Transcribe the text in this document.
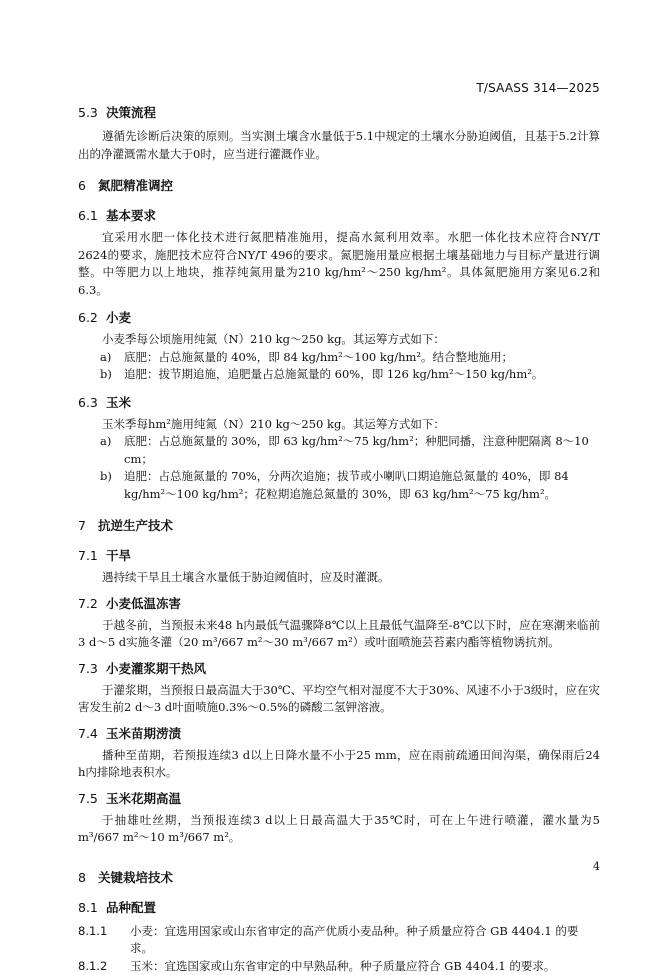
T/SAASS 314—2025
5.3 决策流程
遵循先诊断后决策的原则。当实测土壤含水量低于5.1中规定的土壤水分胁迫阈值，且基于5.2计算出的净灌溉需水量大于0时，应当进行灌溉作业。
6 氮肥精准调控
6.1 基本要求
宜采用水肥一体化技术进行氮肥精准施用，提高水氮利用效率。水肥一体化技术应符合NY/T 2624的要求，施肥技术应符合NY/T 496的要求。氮肥施用量应根据土壤基础地力与目标产量进行调整。中等肥力以上地块，推荐纯氮用量为210 kg/hm²～250 kg/hm²。具体氮肥施用方案见6.2和6.3。
6.2 小麦
小麦季每公顷施用纯氮（N）210 kg～250 kg。其运筹方式如下：
a) 底肥：占总施氮量的 40%，即 84 kg/hm²～100 kg/hm²。结合整地施用；
b) 追肥：拔节期追施，追肥量占总施氮量的 60%，即 126 kg/hm²～150 kg/hm²。
6.3 玉米
玉米季每hm²施用纯氮（N）210 kg～250 kg。其运筹方式如下：
a) 底肥：占总施氮量的 30%，即 63 kg/hm²～75 kg/hm²；种肥同播，注意种肥隔离 8～10 cm；
b) 追肥：占总施氮量的 70%，分两次追施；拔节或小喇叭口期追施总氮量的 40%，即 84 kg/hm²～100 kg/hm²；花粒期追施总氮量的 30%，即 63 kg/hm²～75 kg/hm²。
7 抗逆生产技术
7.1 干旱
遇持续干旱且土壤含水量低于胁迫阈值时，应及时灌溉。
7.2 小麦低温冻害
于越冬前，当预报未来48 h内最低气温骤降8℃以上且最低气温降至-8℃以下时，应在寒潮来临前3 d～5 d实施冬灌（20 m³/667 m²～30 m³/667 m²）或叶面喷施芸苔素内酯等植物诱抗剂。
7.3 小麦灌浆期干热风
于灌浆期，当预报日最高温大于30℃、平均空气相对湿度不大于30%、风速不小于3级时，应在灾害发生前2 d～3 d叶面喷施0.3%～0.5%的磷酸二氢钾溶液。
7.4 玉米苗期涝渍
播种至苗期，若预报连续3 d以上日降水量不小于25 mm，应在雨前疏通田间沟渠，确保雨后24 h内排除地表积水。
7.5 玉米花期高温
于抽雄吐丝期，当预报连续3 d以上日最高温大于35℃时，可在上午进行喷灌，灌水量为5 m³/667 m²～10 m³/667 m²。
8 关键栽培技术
8.1 品种配置
8.1.1 小麦：宜选用国家或山东省审定的高产优质小麦品种。种子质量应符合 GB 4404.1 的要求。
8.1.2 玉米：宜选国家或山东省审定的中早熟品种。种子质量应符合 GB 4404.1 的要求。
4
